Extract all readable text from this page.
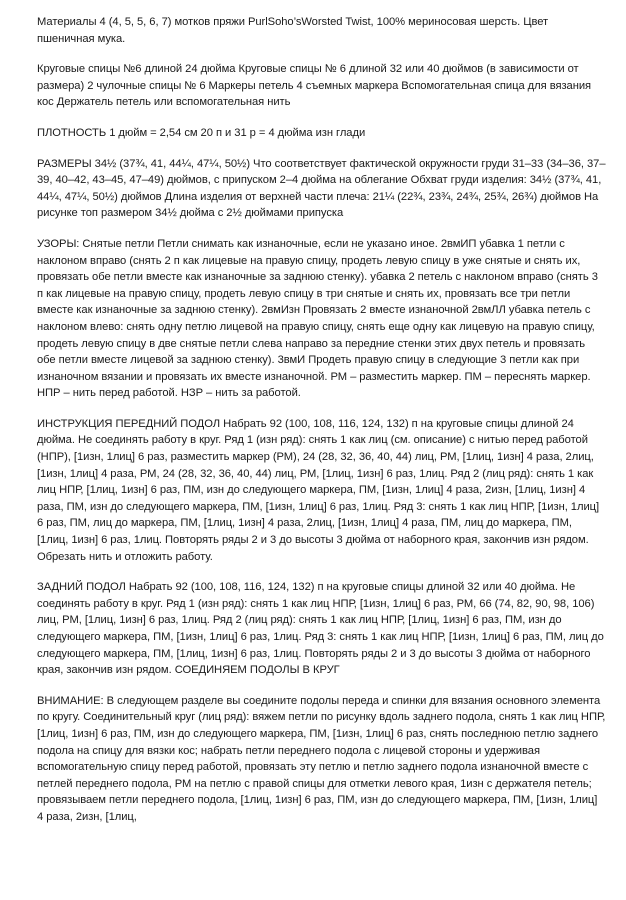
Материалы 4 (4, 5, 5, 6, 7) мотков пряжи PurlSoho’sWorsted Twist, 100% мериносовая шерсть. Цвет пшеничная мука.

Круговые спицы №6 длиной 24 дюйма Круговые спицы № 6 длиной 32 или 40 дюймов (в зависимости от размера) 2 чулочные спицы № 6 Маркеры петель 4 съемных маркера Вспомогательная спица для вязания кос Держатель петель или вспомогательная нить

ПЛОТНОСТЬ 1 дюйм = 2,54 см 20 п и 31 р = 4 дюйма изн глади

РАЗМЕРЫ 34½ (37¾, 41, 44¼, 47¼, 50½) Что соответствует фактической окружности груди 31–33 (34–36, 37–39, 40–42, 43–45, 47–49) дюймов, с припуском 2–4 дюйма на облегание Обхват груди изделия: 34½ (37¾, 41, 44¼, 47¼, 50½) дюймов Длина изделия от верхней части плеча: 21¼ (22¾, 23¾, 24¾, 25¾, 26¾) дюймов На рисунке топ размером 34½ дюйма с 2½ дюймами припуска

УЗОРЫ: Снятые петли Петли снимать как изнаночные, если не указано иное. 2вмИП убавка 1 петли с наклоном вправо (снять 2 п как лицевые на правую спицу, продеть левую спицу в уже снятые и снять их, провязать обе петли вместе как изнаночные за заднюю стенку). убавка 2 петель с наклоном вправо (снять 3 п как лицевые на правую спицу, продеть левую спицу в три снятые и снять их, провязать все три петли вместе как изнаночные за заднюю стенку). 2вмИзн Провязать 2 вместе изнаночной 2вмЛЛ убавка петель с наклоном влево: снять одну петлю лицевой на правую спицу, снять еще одну как лицевую на правую спицу, продеть левую спицу в две снятые петли слева направо за передние стенки этих двух петель и провязать обе петли вместе лицевой за заднюю стенку). 3вмИ Продеть правую спицу в следующие 3 петли как при изнаночном вязании и провязать их вместе изнаночной. РМ – разместить маркер. ПМ – переснять маркер. НПР – нить перед работой. НЗР – нить за работой.

ИНСТРУКЦИЯ ПЕРЕДНИЙ ПОДОЛ Набрать 92 (100, 108, 116, 124, 132) п на круговые спицы длиной 24 дюйма. Не соединять работу в круг. Ряд 1 (изн ряд): снять 1 как лиц (см. описание) с нитью перед работой (НПР), [1изн, 1лиц] 6 раз, разместить маркер (РМ), 24 (28, 32, 36, 40, 44) лиц, РМ, [1лиц, 1изн] 4 раза, 2лиц, [1изн, 1лиц] 4 раза, РМ, 24 (28, 32, 36, 40, 44) лиц, РМ, [1лиц, 1изн] 6 раз, 1лиц. Ряд 2 (лиц ряд): снять 1 как лиц НПР, [1лиц, 1изн] 6 раз, ПМ, изн до следующего маркера, ПМ, [1изн, 1лиц] 4 раза, 2изн, [1лиц, 1изн] 4 раза, ПМ, изн до следующего маркера, ПМ, [1изн, 1лиц] 6 раз, 1лиц. Ряд 3: снять 1 как лиц НПР, [1изн, 1лиц] 6 раз, ПМ, лиц до маркера, ПМ, [1лиц, 1изн] 4 раза, 2лиц, [1изн, 1лиц] 4 раза, ПМ, лиц до маркера, ПМ, [1лиц, 1изн] 6 раз, 1лиц. Повторять ряды 2 и 3 до высоты 3 дюйма от наборного края, закончив изн рядом. Обрезать нить и отложить работу.

ЗАДНИЙ ПОДОЛ Набрать 92 (100, 108, 116, 124, 132) п на круговые спицы длиной 32 или 40 дюйма. Не соединять работу в круг. Ряд 1 (изн ряд): снять 1 как лиц НПР, [1изн, 1лиц] 6 раз, РМ, 66 (74, 82, 90, 98, 106) лиц, РМ, [1лиц, 1изн] 6 раз, 1лиц. Ряд 2 (лиц ряд): снять 1 как лиц НПР, [1лиц, 1изн] 6 раз, ПМ, изн до следующего маркера, ПМ, [1изн, 1лиц] 6 раз, 1лиц. Ряд 3: снять 1 как лиц НПР, [1изн, 1лиц] 6 раз, ПМ, лиц до следующего маркера, ПМ, [1лиц, 1изн] 6 раз, 1лиц. Повторять ряды 2 и 3 до высоты 3 дюйма от наборного края, закончив изн рядом. СОЕДИНЯЕМ ПОДОЛЫ В КРУГ

ВНИМАНИЕ: В следующем разделе вы соедините подолы переда и спинки для вязания основного элемента по кругу. Соединительный круг (лиц ряд): вяжем петли по рисунку вдоль заднего подола, снять 1 как лиц НПР, [1лиц, 1изн] 6 раз, ПМ, изн до следующего маркера, ПМ, [1изн, 1лиц] 6 раз, снять последнюю петлю заднего подола на спицу для вязки кос; набрать петли переднего подола с лицевой стороны и удерживая вспомогательную спицу перед работой, провязать эту петлю и петлю заднего подола изнаночной вместе с петлей переднего подола, РМ на петлю с правой спицы для отметки левого края, 1изн с держателя петель; провязываем петли переднего подола, [1лиц, 1изн] 6 раз, ПМ, изн до следующего маркера, ПМ, [1изн, 1лиц] 4 раза, 2изн, [1лиц,
